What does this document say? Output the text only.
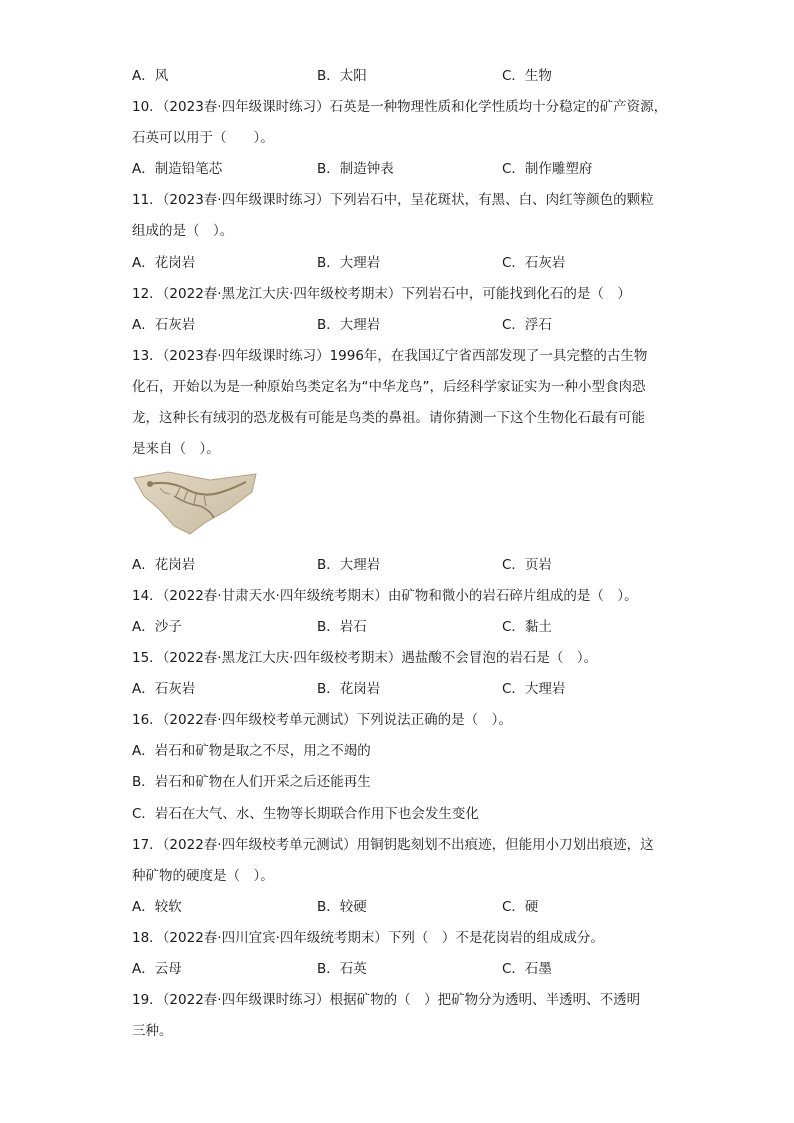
A．风	B．太阳	C．生物
10．（2023春·四年级课时练习）石英是一种物理性质和化学性质均十分稳定的矿产资源，
石英可以用于（　　）。
A．制造铅笔芯	B．制造钟表	C．制作雕塑府
11．（2023春·四年级课时练习）下列岩石中，呈花斑状，有黑、白、肉红等颜色的颗粒
组成的是（　）。
A．花岗岩	B．大理岩	C．石灰岩
12．（2022春·黑龙江大庆·四年级校考期末）下列岩石中，可能找到化石的是（　）
A．石灰岩	B．大理岩	C．浮石
13．（2023春·四年级课时练习）1996年，在我国辽宁省西部发现了一具完整的古生物
化石，开始以为是一种原始鸟类定名为“中华龙鸟”，后经科学家证实为一种小型食肉恐
龙，这种长有绒羽的恐龙极有可能是鸟类的鼻祖。请你猜测一下这个生物化石最有可能
是来自（　）。
A．花岗岩	B．大理岩	C．页岩
14．（2022春·甘肃天水·四年级统考期末）由矿物和微小的岩石碎片组成的是（　）。
A．沙子	B．岩石	C．黏土
15．（2022春·黑龙江大庆·四年级校考期末）遇盐酸不会冒泡的岩石是（　）。
A．石灰岩	B．花岗岩	C．大理岩
16．（2022春·四年级校考单元测试）下列说法正确的是（　）。
A．岩石和矿物是取之不尽，用之不竭的
B．岩石和矿物在人们开采之后还能再生
C．岩石在大气、水、生物等长期联合作用下也会发生变化
17．（2022春·四年级校考单元测试）用铜钥匙刻划不出痕迹，但能用小刀划出痕迹，这
种矿物的硬度是（　）。
A．较软	B．较硬	C．硬
18．（2022春·四川宜宾·四年级统考期末）下列（　）不是花岗岩的组成成分。
A．云母	B．石英	C．石墨
19．（2022春·四年级课时练习）根据矿物的（　）把矿物分为透明、半透明、不透明
三种。
